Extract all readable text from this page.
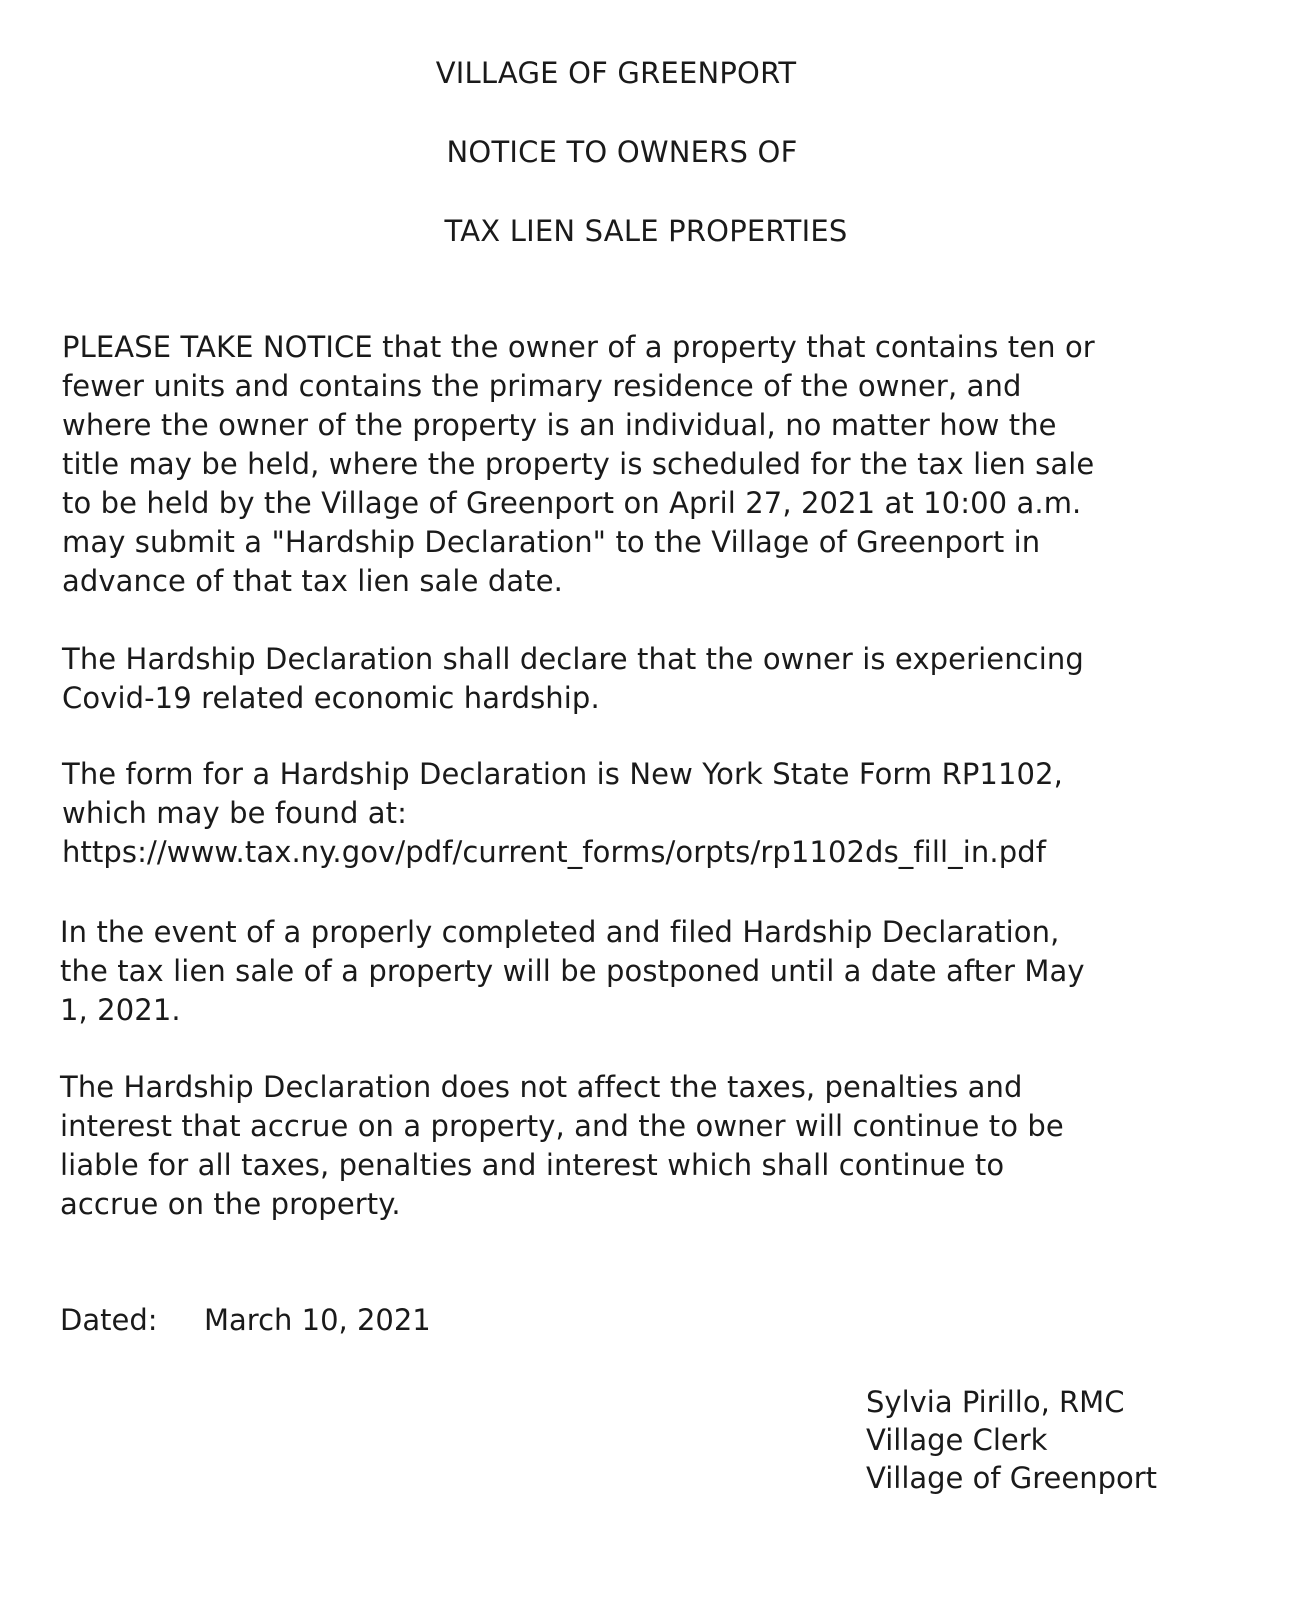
VILLAGE OF GREENPORT
NOTICE TO OWNERS OF
TAX LIEN SALE PROPERTIES
PLEASE TAKE NOTICE that the owner of a property that contains ten or
fewer units and contains the primary residence of the owner, and
where the owner of the property is an individual, no matter how the
title may be held, where the property is scheduled for the tax lien sale
to be held by the Village of Greenport on April 27, 2021 at 10:00 a.m.
may submit a "Hardship Declaration" to the Village of Greenport in
advance of that tax lien sale date.
The Hardship Declaration shall declare that the owner is experiencing
Covid-19 related economic hardship.
The form for a Hardship Declaration is New York State Form RP1102,
which may be found at:
https://www.tax.ny.gov/pdf/current_forms/orpts/rp1102ds_fill_in.pdf
In the event of a properly completed and filed Hardship Declaration,
the tax lien sale of a property will be postponed until a date after May
1, 2021.
The Hardship Declaration does not affect the taxes, penalties and
interest that accrue on a property, and the owner will continue to be
liable for all taxes, penalties and interest which shall continue to
accrue on the property.
Dated: March 10, 2021
Sylvia Pirillo, RMC
Village Clerk
Village of Greenport
